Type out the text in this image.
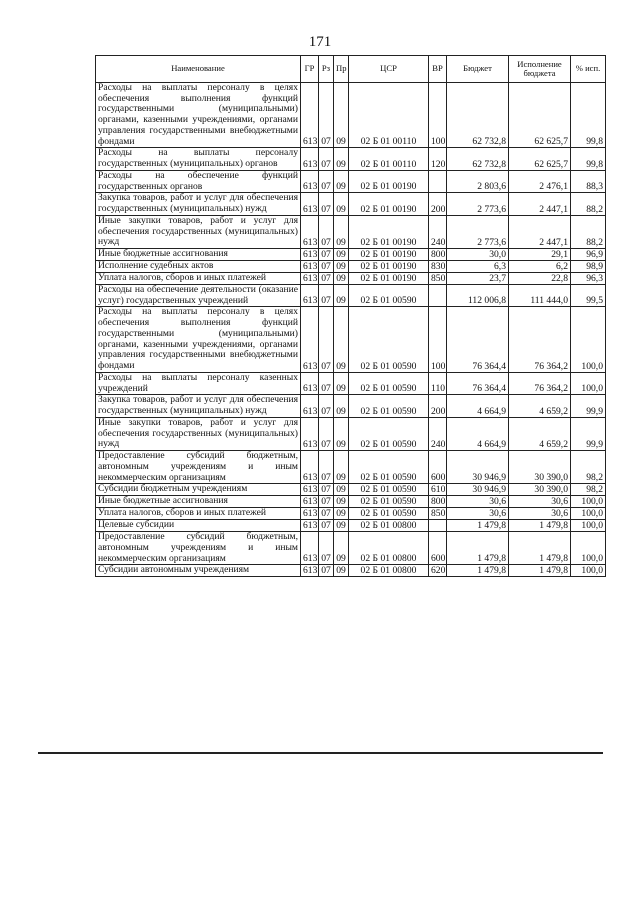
171
Наименование	ГР	Рз	Пр	ЦСР	ВР	Бюджет	Исполнение бюджета	% исп.
Расходы на выплаты персоналу в целях обеспечения выполнения функций государственными (муниципальными) органами, казенными учреждениями, органами управления государственными внебюджетными фондами	613	07	09	02 Б 01 00110	100	62 732,8	62 625,7	99,8
Расходы на выплаты персоналу государственных (муниципальных) органов	613	07	09	02 Б 01 00110	120	62 732,8	62 625,7	99,8
Расходы на обеспечение функций государственных органов	613	07	09	02 Б 01 00190		2 803,6	2 476,1	88,3
Закупка товаров, работ и услуг для обеспечения государственных (муниципальных) нужд	613	07	09	02 Б 01 00190	200	2 773,6	2 447,1	88,2
Иные закупки товаров, работ и услуг для обеспечения государственных (муниципальных) нужд	613	07	09	02 Б 01 00190	240	2 773,6	2 447,1	88,2
Иные бюджетные ассигнования	613	07	09	02 Б 01 00190	800	30,0	29,1	96,9
Исполнение судебных актов	613	07	09	02 Б 01 00190	830	6,3	6,2	98,9
Уплата налогов, сборов и иных платежей	613	07	09	02 Б 01 00190	850	23,7	22,8	96,3
Расходы на обеспечение деятельности (оказание услуг) государственных учреждений	613	07	09	02 Б 01 00590		112 006,8	111 444,0	99,5
Расходы на выплаты персоналу в целях обеспечения выполнения функций государственными (муниципальными) органами, казенными учреждениями, органами управления государственными внебюджетными фондами	613	07	09	02 Б 01 00590	100	76 364,4	76 364,2	100,0
Расходы на выплаты персоналу казенных учреждений	613	07	09	02 Б 01 00590	110	76 364,4	76 364,2	100,0
Закупка товаров, работ и услуг для обеспечения государственных (муниципальных) нужд	613	07	09	02 Б 01 00590	200	4 664,9	4 659,2	99,9
Иные закупки товаров, работ и услуг для обеспечения государственных (муниципальных) нужд	613	07	09	02 Б 01 00590	240	4 664,9	4 659,2	99,9
Предоставление субсидий бюджетным, автономным учреждениям и иным некоммерческим организациям	613	07	09	02 Б 01 00590	600	30 946,9	30 390,0	98,2
Субсидии бюджетным учреждениям	613	07	09	02 Б 01 00590	610	30 946,9	30 390,0	98,2
Иные бюджетные ассигнования	613	07	09	02 Б 01 00590	800	30,6	30,6	100,0
Уплата налогов, сборов и иных платежей	613	07	09	02 Б 01 00590	850	30,6	30,6	100,0
Целевые субсидии	613	07	09	02 Б 01 00800		1 479,8	1 479,8	100,0
Предоставление субсидий бюджетным, автономным учреждениям и иным некоммерческим организациям	613	07	09	02 Б 01 00800	600	1 479,8	1 479,8	100,0
Субсидии автономным учреждениям	613	07	09	02 Б 01 00800	620	1 479,8	1 479,8	100,0
